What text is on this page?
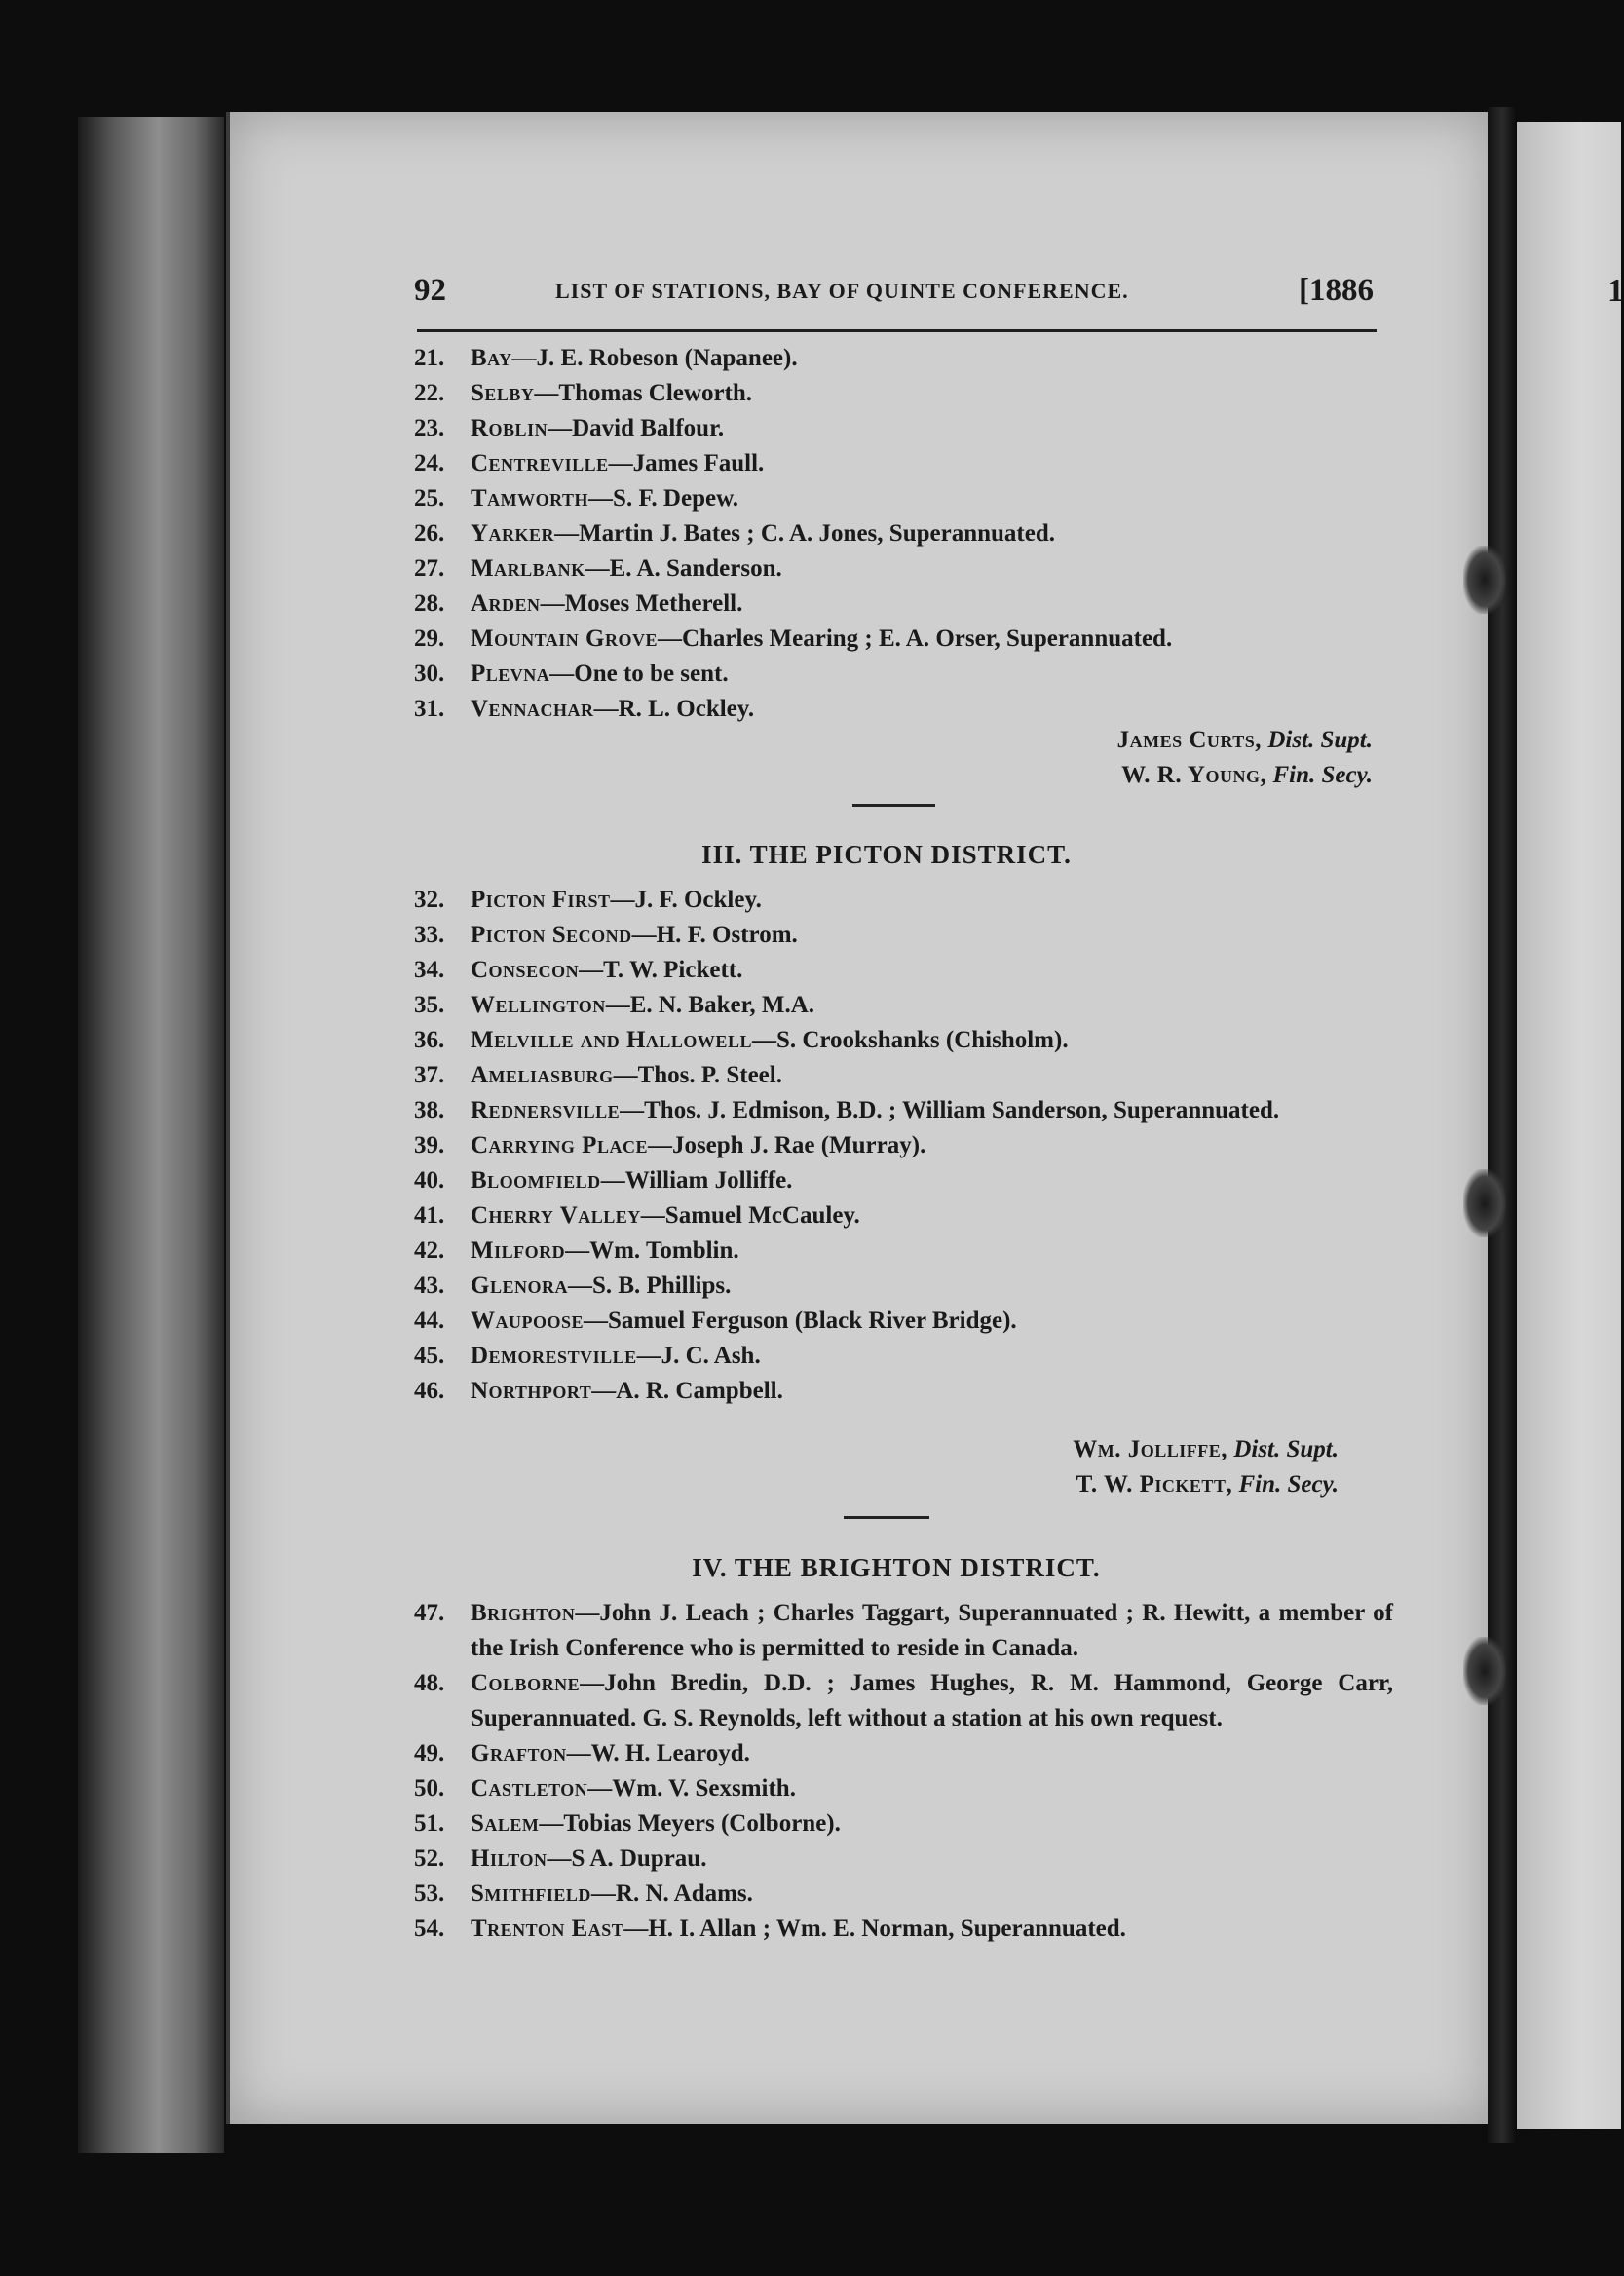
1
92	LIST OF STATIONS, BAY OF QUINTE CONFERENCE.	[1886
21.	Bay—J. E. Robeson (Napanee).
22.	Selby—Thomas Cleworth.
23.	Roblin—David Balfour.
24.	Centreville—James Faull.
25.	Tamworth—S. F. Depew.
26.	Yarker—Martin J. Bates ; C. A. Jones, Superannuated.
27.	Marlbank—E. A. Sanderson.
28.	Arden—Moses Metherell.
29.	Mountain Grove—Charles Mearing ; E. A. Orser, Superannuated.
30.	Plevna—One to be sent.
31.	Vennachar—R. L. Ockley.
James Curts, Dist. Supt.
W. R. Young, Fin. Secy.
III. THE PICTON DISTRICT.
32.	Picton First—J. F. Ockley.
33.	Picton Second—H. F. Ostrom.
34.	Consecon—T. W. Pickett.
35.	Wellington—E. N. Baker, M.A.
36.	Melville and Hallowell—S. Crookshanks (Chisholm).
37.	Ameliasburg—Thos. P. Steel.
38.	Rednersville—Thos. J. Edmison, B.D. ; William Sanderson, Superannuated.
39.	Carrying Place—Joseph J. Rae (Murray).
40.	Bloomfield—William Jolliffe.
41.	Cherry Valley—Samuel McCauley.
42.	Milford—Wm. Tomblin.
43.	Glenora—S. B. Phillips.
44.	Waupoose—Samuel Ferguson (Black River Bridge).
45.	Demorestville—J. C. Ash.
46.	Northport—A. R. Campbell.
Wm. Jolliffe, Dist. Supt.
T. W. Pickett, Fin. Secy.
IV. THE BRIGHTON DISTRICT.
47.	Brighton—John J. Leach ; Charles Taggart, Superannuated ; R. Hewitt, a member of the Irish Conference who is permitted to reside in Canada.
48.	Colborne—John Bredin, D.D. ; James Hughes, R. M. Hammond, George Carr, Superannuated. G. S. Reynolds, left without a station at his own request.
49.	Grafton—W. H. Learoyd.
50.	Castleton—Wm. V. Sexsmith.
51.	Salem—Tobias Meyers (Colborne).
52.	Hilton—S A. Duprau.
53.	Smithfield—R. N. Adams.
54.	Trenton East—H. I. Allan ; Wm. E. Norman, Superannuated.
